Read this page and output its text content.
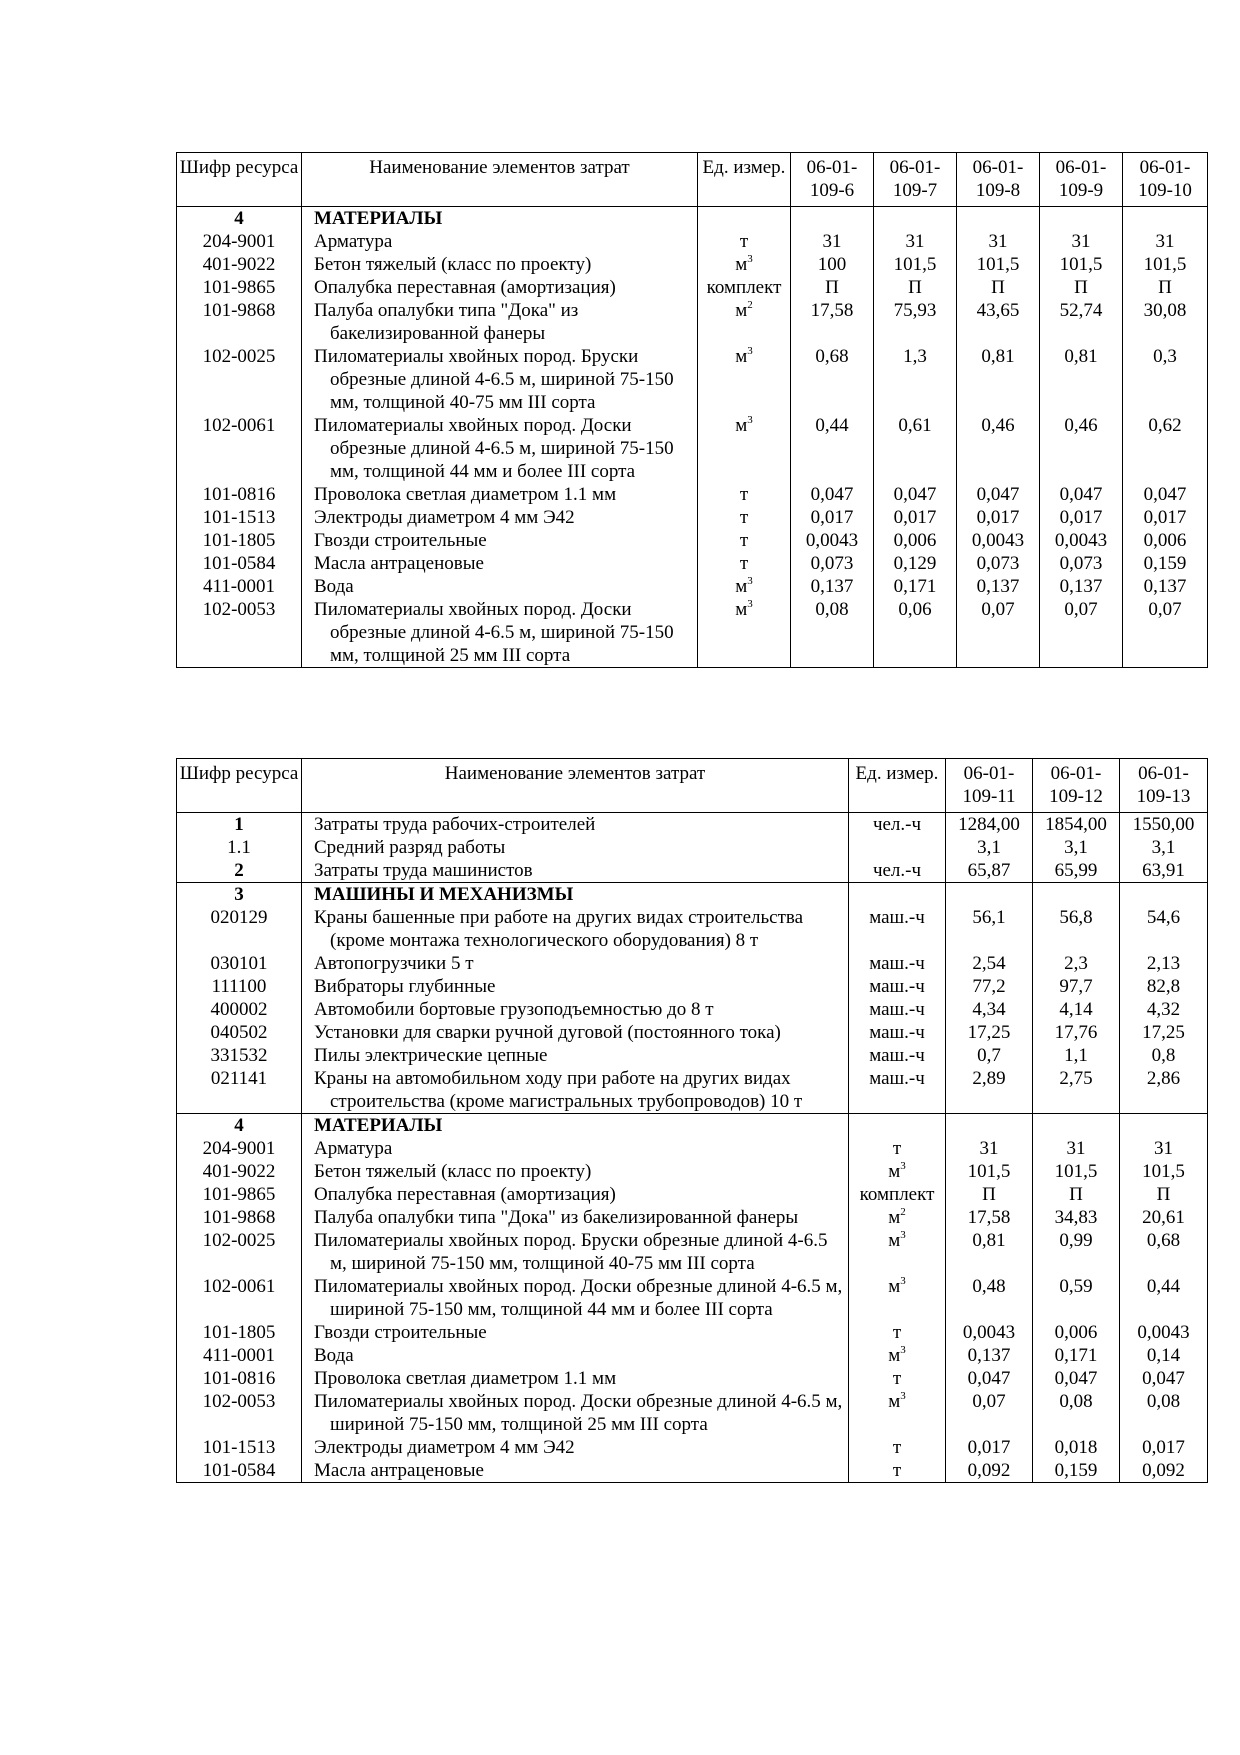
Шифр ресурса	Наименование элементов затрат	Ед. измер.	06-01-109-6	06-01-109-7	06-01-109-8	06-01-109-9	06-01-109-10
4	МАТЕРИАЛЫ						

204-9001	Арматура	т	31	31	31	31	31
401-9022	Бетон тяжелый (класс по проекту)	$м^3$	100	101,5	101,5	101,5	101,5
101-9865	Опалубка переставная (амортизация)	комплект	П	П	П	П	П
101-9868	Палуба опалубки типа "Дока" из бакелизированной фанеры	$м^2$	17,58	75,93	43,65	52,74	30,08
102-0025	Пиломатериалы хвойных пород. Бруски обрезные длиной 4-6.5 м, шириной 75-150 мм, толщиной 40-75 мм III сорта	$м^3$	0,68	1,3	0,81	0,81	0,3
102-0061	Пиломатериалы хвойных пород. Доски обрезные длиной 4-6.5 м, шириной 75-150 мм, толщиной 44 мм и более III сорта	$м^3$	0,44	0,61	0,46	0,46	0,62
101-0816	Проволока светлая диаметром 1.1 мм	т	0,047	0,047	0,047	0,047	0,047
101-1513	Электроды диаметром 4 мм Э42	т	0,017	0,017	0,017	0,017	0,017
101-1805	Гвозди строительные	т	0,0043	0,006	0,0043	0,0043	0,006
101-0584	Масла антраценовые	т	0,073	0,129	0,073	0,073	0,159
411-0001	Вода	$м^3$	0,137	0,171	0,137	0,137	0,137
102-0053	Пиломатериалы хвойных пород. Доски обрезные длиной 4-6.5 м, шириной 75-150 мм, толщиной 25 мм III сорта	$м^3$	0,08	0,06	0,07	0,07	0,07
Шифр ресурса	Наименование элементов затрат	Ед. измер.	06-01-109-11	06-01-109-12	06-01-109-13
1	Затраты труда рабочих-строителей	чел.-ч	1284,00	1854,00	1550,00
1.1	Средний разряд работы		3,1	3,1	3,1
2	Затраты труда машинистов	чел.-ч	65,87	65,99	63,91
3	МАШИНЫ И МЕХАНИЗМЫ				

020129	Краны башенные при работе на других видах строительства (кроме монтажа технологического оборудования) 8 т	маш.-ч	56,1	56,8	54,6
030101	Автопогрузчики 5 т	маш.-ч	2,54	2,3	2,13
111100	Вибраторы глубинные	маш.-ч	77,2	97,7	82,8
400002	Автомобили бортовые грузоподъемностью до 8 т	маш.-ч	4,34	4,14	4,32
040502	Установки для сварки ручной дуговой (постоянного тока)	маш.-ч	17,25	17,76	17,25
331532	Пилы электрические цепные	маш.-ч	0,7	1,1	0,8
021141	Краны на автомобильном ходу при работе на других видах строительства (кроме магистральных трубопроводов) 10 т	маш.-ч	2,89	2,75	2,86
4	МАТЕРИАЛЫ				

204-9001	Арматура	т	31	31	31
401-9022	Бетон тяжелый (класс по проекту)	$м^3$	101,5	101,5	101,5
101-9865	Опалубка переставная (амортизация)	комплект	П	П	П
101-9868	Палуба опалубки типа "Дока" из бакелизированной фанеры	$м^2$	17,58	34,83	20,61
102-0025	Пиломатериалы хвойных пород. Бруски обрезные длиной 4-6.5 м, шириной 75-150 мм, толщиной 40-75 мм III сорта	$м^3$	0,81	0,99	0,68
102-0061	Пиломатериалы хвойных пород. Доски обрезные длиной 4-6.5 м, шириной 75-150 мм, толщиной 44 мм и более III сорта	$м^3$	0,48	0,59	0,44
101-1805	Гвозди строительные	т	0,0043	0,006	0,0043
411-0001	Вода	$м^3$	0,137	0,171	0,14
101-0816	Проволока светлая диаметром 1.1 мм	т	0,047	0,047	0,047
102-0053	Пиломатериалы хвойных пород. Доски обрезные длиной 4-6.5 м, шириной 75-150 мм, толщиной 25 мм III сорта	$м^3$	0,07	0,08	0,08
101-1513	Электроды диаметром 4 мм Э42	т	0,017	0,018	0,017
101-0584	Масла антраценовые	т	0,092	0,159	0,092
